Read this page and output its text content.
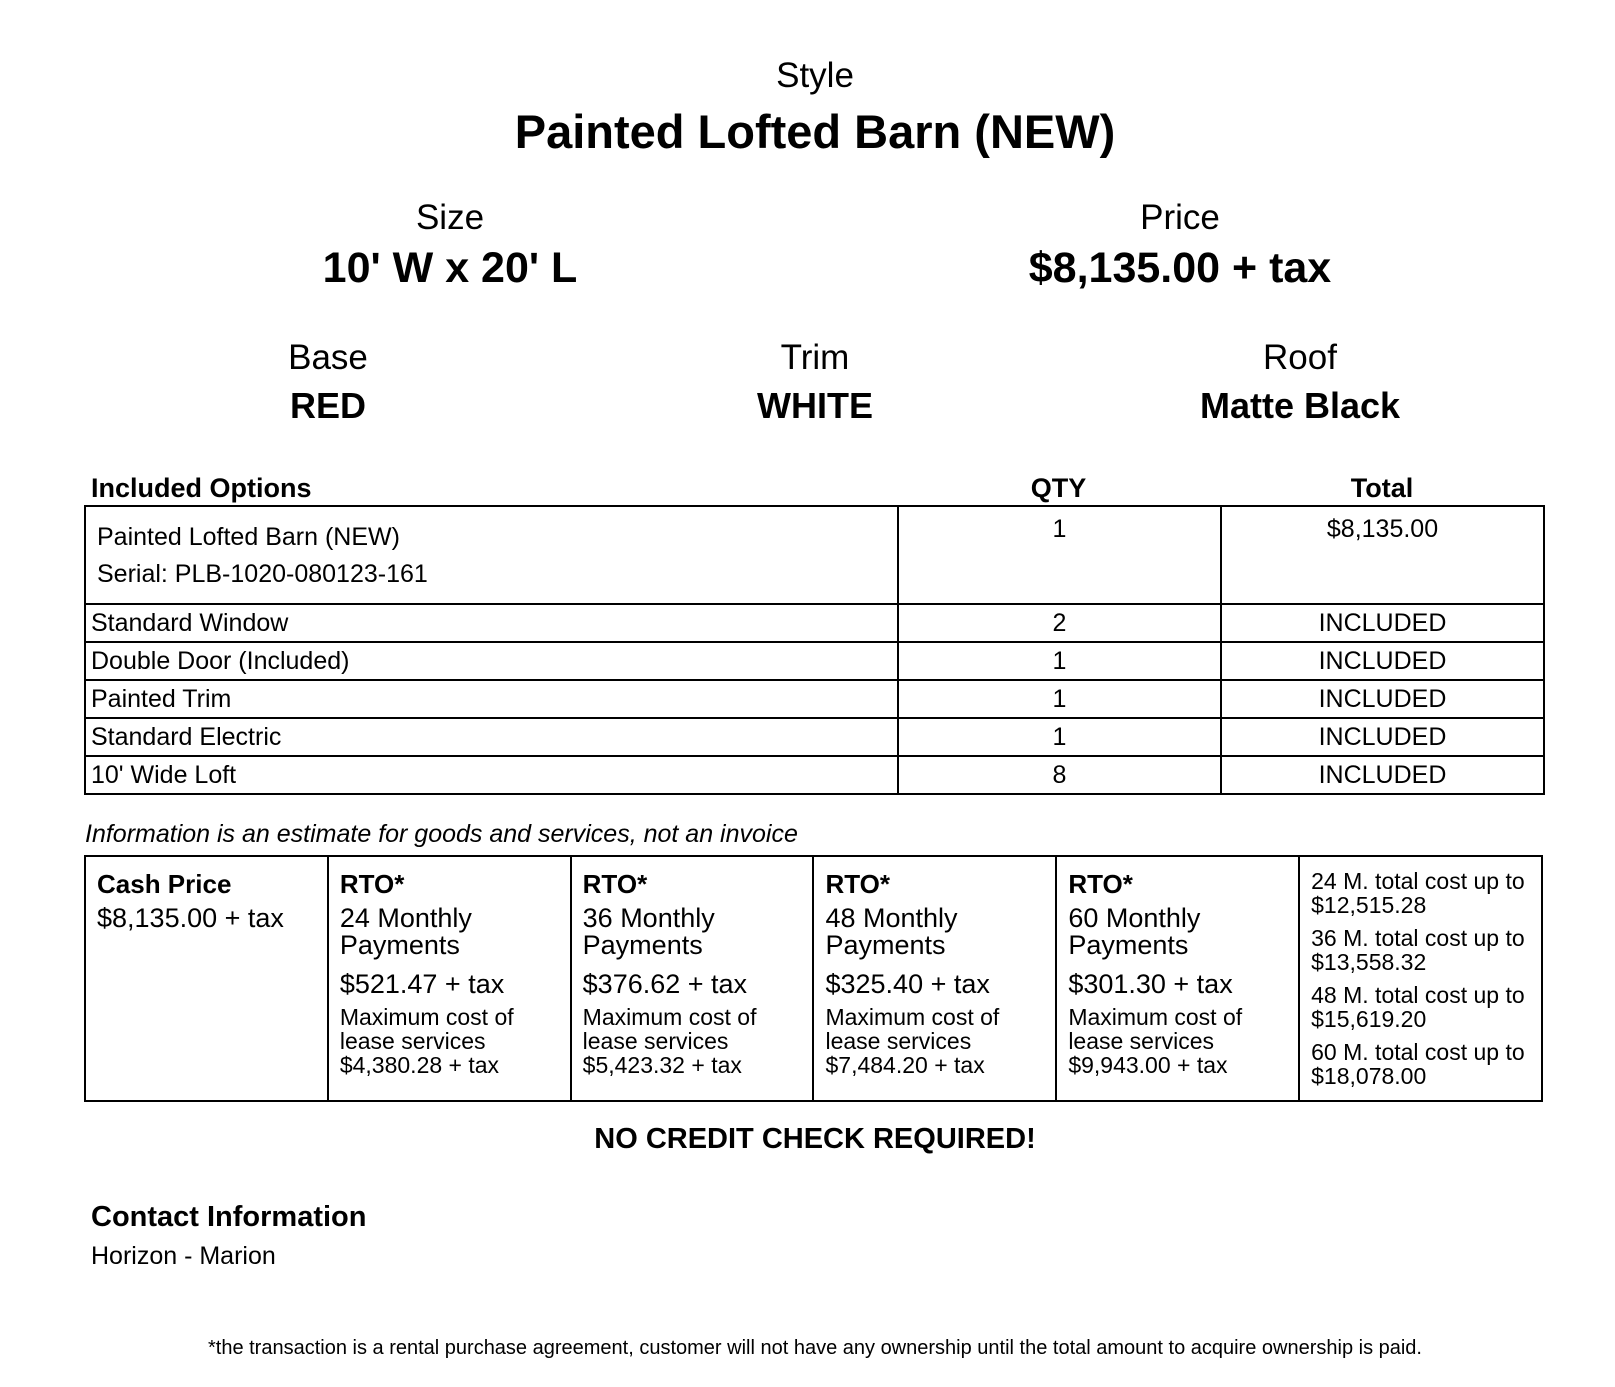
Style
Painted Lofted Barn (NEW)
Size
10' W x 20' L
Price
$8,135.00 + tax
Base
RED
Trim
WHITE
Roof
Matte Black
Included Options	QTY	Total
Painted Lofted Barn (NEW)
Serial: PLB-1020-080123-161	1	$8,135.00
Standard Window	2	INCLUDED
Double Door (Included)	1	INCLUDED
Painted Trim	1	INCLUDED
Standard Electric	1	INCLUDED
10' Wide Loft	8	INCLUDED
Information is an estimate for goods and services, not an invoice
Cash Price
$8,135.00 + tax

RTO*
24 Monthly Payments
$521.47 + tax
Maximum cost of lease services $4,380.28 + tax

RTO*
36 Monthly Payments
$376.62 + tax
Maximum cost of lease services $5,423.32 + tax

RTO*
48 Monthly Payments
$325.40 + tax
Maximum cost of lease services $7,484.20 + tax

RTO*
60 Monthly Payments
$301.30 + tax
Maximum cost of lease services $9,943.00 + tax

24 M. total cost up to $12,515.28
36 M. total cost up to $13,558.32
48 M. total cost up to $15,619.20
60 M. total cost up to $18,078.00
NO CREDIT CHECK REQUIRED!
Contact Information
Horizon - Marion
*the transaction is a rental purchase agreement, customer will not have any ownership until the total amount to acquire ownership is paid.
